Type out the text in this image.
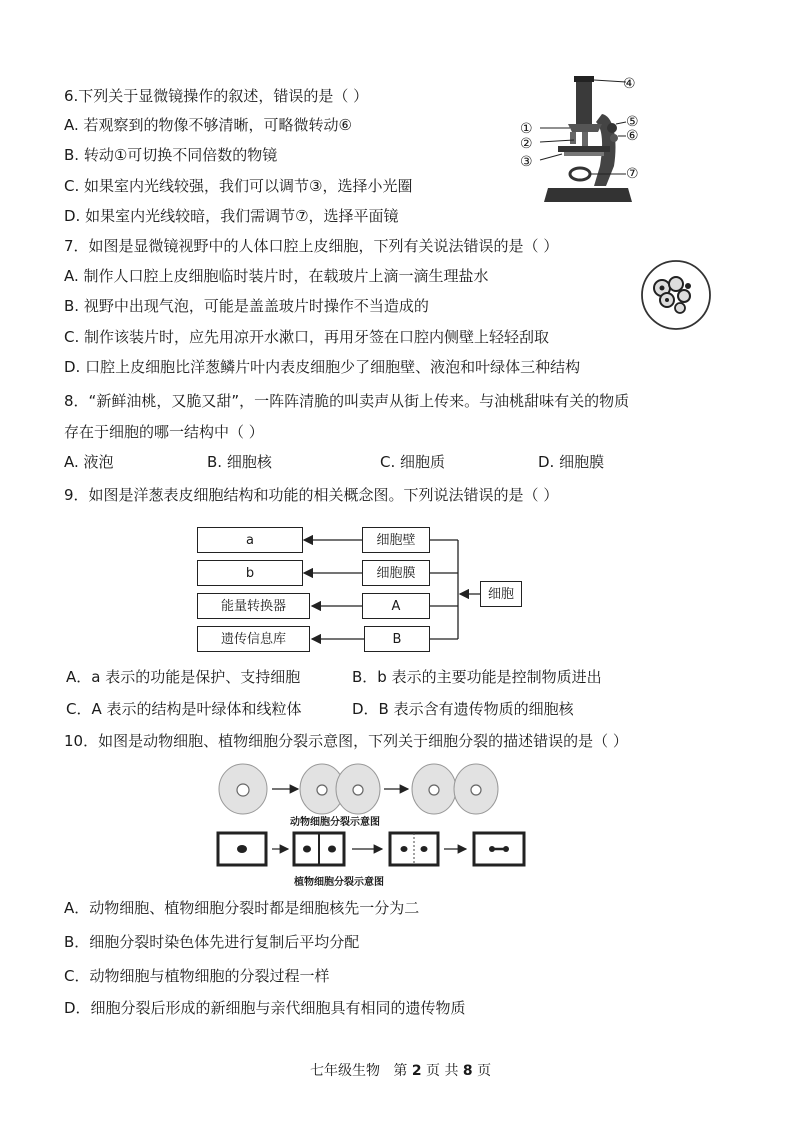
6.下列关于显微镜操作的叙述，错误的是（ ）
A. 若观察到的物像不够清晰，可略微转动⑥
B. 转动①可切换不同倍数的物镜
C. 如果室内光线较强，我们可以调节③，选择小光圈
D. 如果室内光线较暗，我们需调节⑦，选择平面镜
④
①
②
③
⑤
⑥
⑦
7．如图是显微镜视野中的人体口腔上皮细胞，下列有关说法错误的是（ ）
A. 制作人口腔上皮细胞临时装片时，在载玻片上滴一滴生理盐水
B. 视野中出现气泡，可能是盖盖玻片时操作不当造成的
C. 制作该装片时，应先用凉开水漱口，再用牙签在口腔内侧壁上轻轻刮取
D. 口腔上皮细胞比洋葱鳞片叶内表皮细胞少了细胞壁、液泡和叶绿体三种结构
8．“新鲜油桃，又脆又甜”，一阵阵清脆的叫卖声从街上传来。与油桃甜味有关的物质
存在于细胞的哪一结构中（ ）
A. 液泡	B. 细胞核	C. 细胞质	D. 细胞膜
9．如图是洋葱表皮细胞结构和功能的相关概念图。下列说法错误的是（ ）
a
b
能量转换器
遗传信息库
细胞壁
细胞膜
A
B
细胞
A．a 表示的功能是保护、支持细胞	B．b 表示的主要功能是控制物质进出
C．A 表示的结构是叶绿体和线粒体	D．B 表示含有遗传物质的细胞核
10．如图是动物细胞、植物细胞分裂示意图，下列关于细胞分裂的描述错误的是（ ）
动物细胞分裂示意图
植物细胞分裂示意图
A．动物细胞、植物细胞分裂时都是细胞核先一分为二
B．细胞分裂时染色体先进行复制后平均分配
C．动物细胞与植物细胞的分裂过程一样
D．细胞分裂后形成的新细胞与亲代细胞具有相同的遗传物质
七年级生物 第 2 页 共 8 页
